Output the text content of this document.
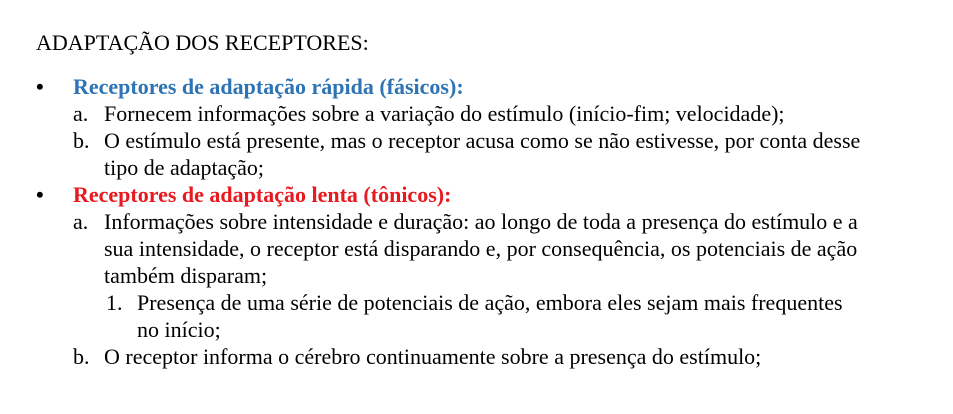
ADAPTAÇÃO DOS RECEPTORES:
•	Receptores de adaptação rápida (fásicos):
a. Fornecem informações sobre a variação do estímulo (início-fim; velocidade);
b. O estímulo está presente, mas o receptor acusa como se não estivesse, por conta desse
tipo de adaptação;
•	Receptores de adaptação lenta (tônicos):
a. Informações sobre intensidade e duração: ao longo de toda a presença do estímulo e a
sua intensidade, o receptor está disparando e, por consequência, os potenciais de ação
também disparam;
1. Presença de uma série de potenciais de ação, embora eles sejam mais frequentes
no início;
b. O receptor informa o cérebro continuamente sobre a presença do estímulo;
